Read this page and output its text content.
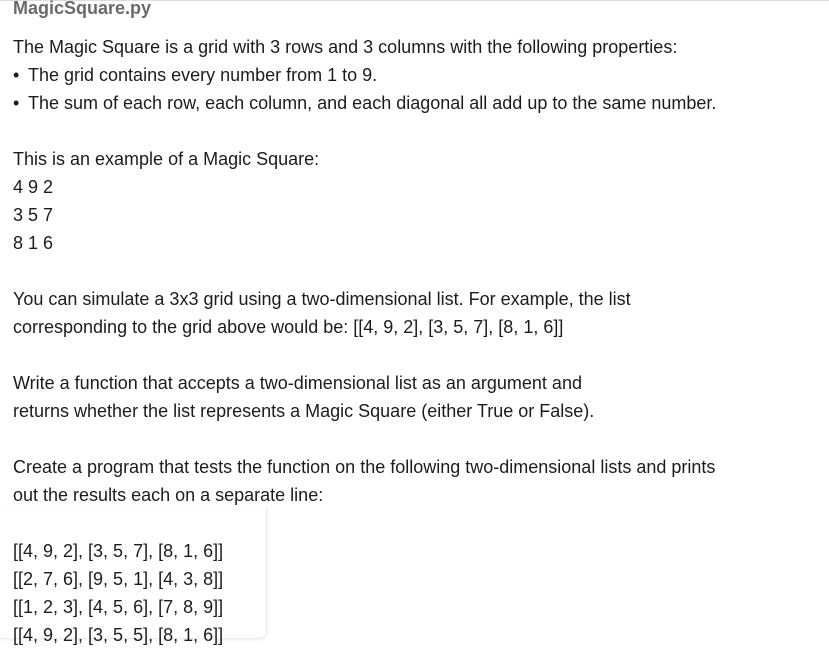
MagicSquare.py
The Magic Square is a grid with 3 rows and 3 columns with the following properties:
• The grid contains every number from 1 to 9.
• The sum of each row, each column, and each diagonal all add up to the same number.
This is an example of a Magic Square:
4 9 2
3 5 7
8 1 6
You can simulate a 3x3 grid using a two-dimensional list. For example, the list
corresponding to the grid above would be: [[4, 9, 2], [3, 5, 7], [8, 1, 6]]
Write a function that accepts a two-dimensional list as an argument and
returns whether the list represents a Magic Square (either True or False).
Create a program that tests the function on the following two-dimensional lists and prints
out the results each on a separate line:
[[4, 9, 2], [3, 5, 7], [8, 1, 6]]
[[2, 7, 6], [9, 5, 1], [4, 3, 8]]
[[1, 2, 3], [4, 5, 6], [7, 8, 9]]
[[4, 9, 2], [3, 5, 5], [8, 1, 6]]
